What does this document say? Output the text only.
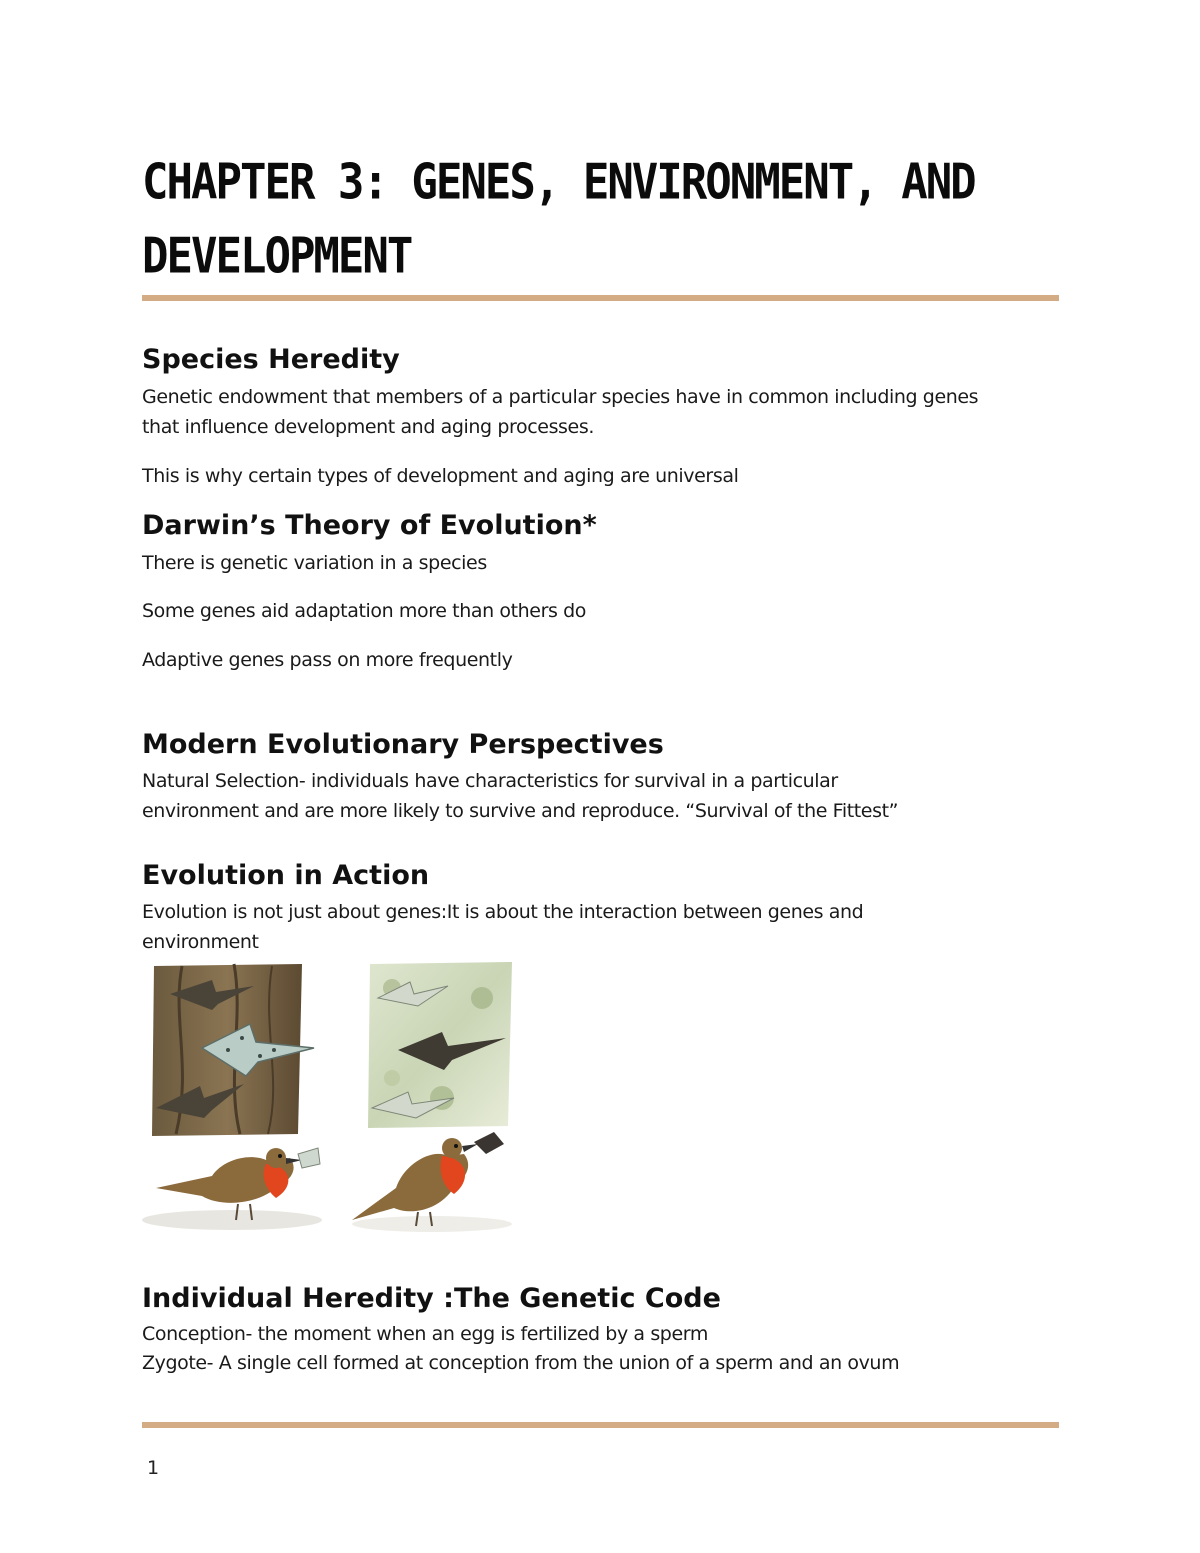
CHAPTER 3: GENES, ENVIRONMENT, AND DEVELOPMENT
Species Heredity

Genetic endowment that members of a particular species have in common including genes

that influence development and aging processes.

This is why certain types of development and aging are universal

Darwin’s Theory of Evolution*

There is genetic variation in a species

Some genes aid adaptation more than others do

Adaptive genes pass on more frequently

Modern Evolutionary Perspectives

Natural Selection- individuals have characteristics for survival in a particular

environment and are more likely to survive and reproduce. “Survival of the Fittest”

Evolution in Action

Evolution is not just about genes:It is about the interaction between genes and

environment

Individual Heredity :The Genetic Code

Conception- the moment when an egg is fertilized by a sperm

Zygote- A single cell formed at conception from the union of a sperm and an ovum

1
